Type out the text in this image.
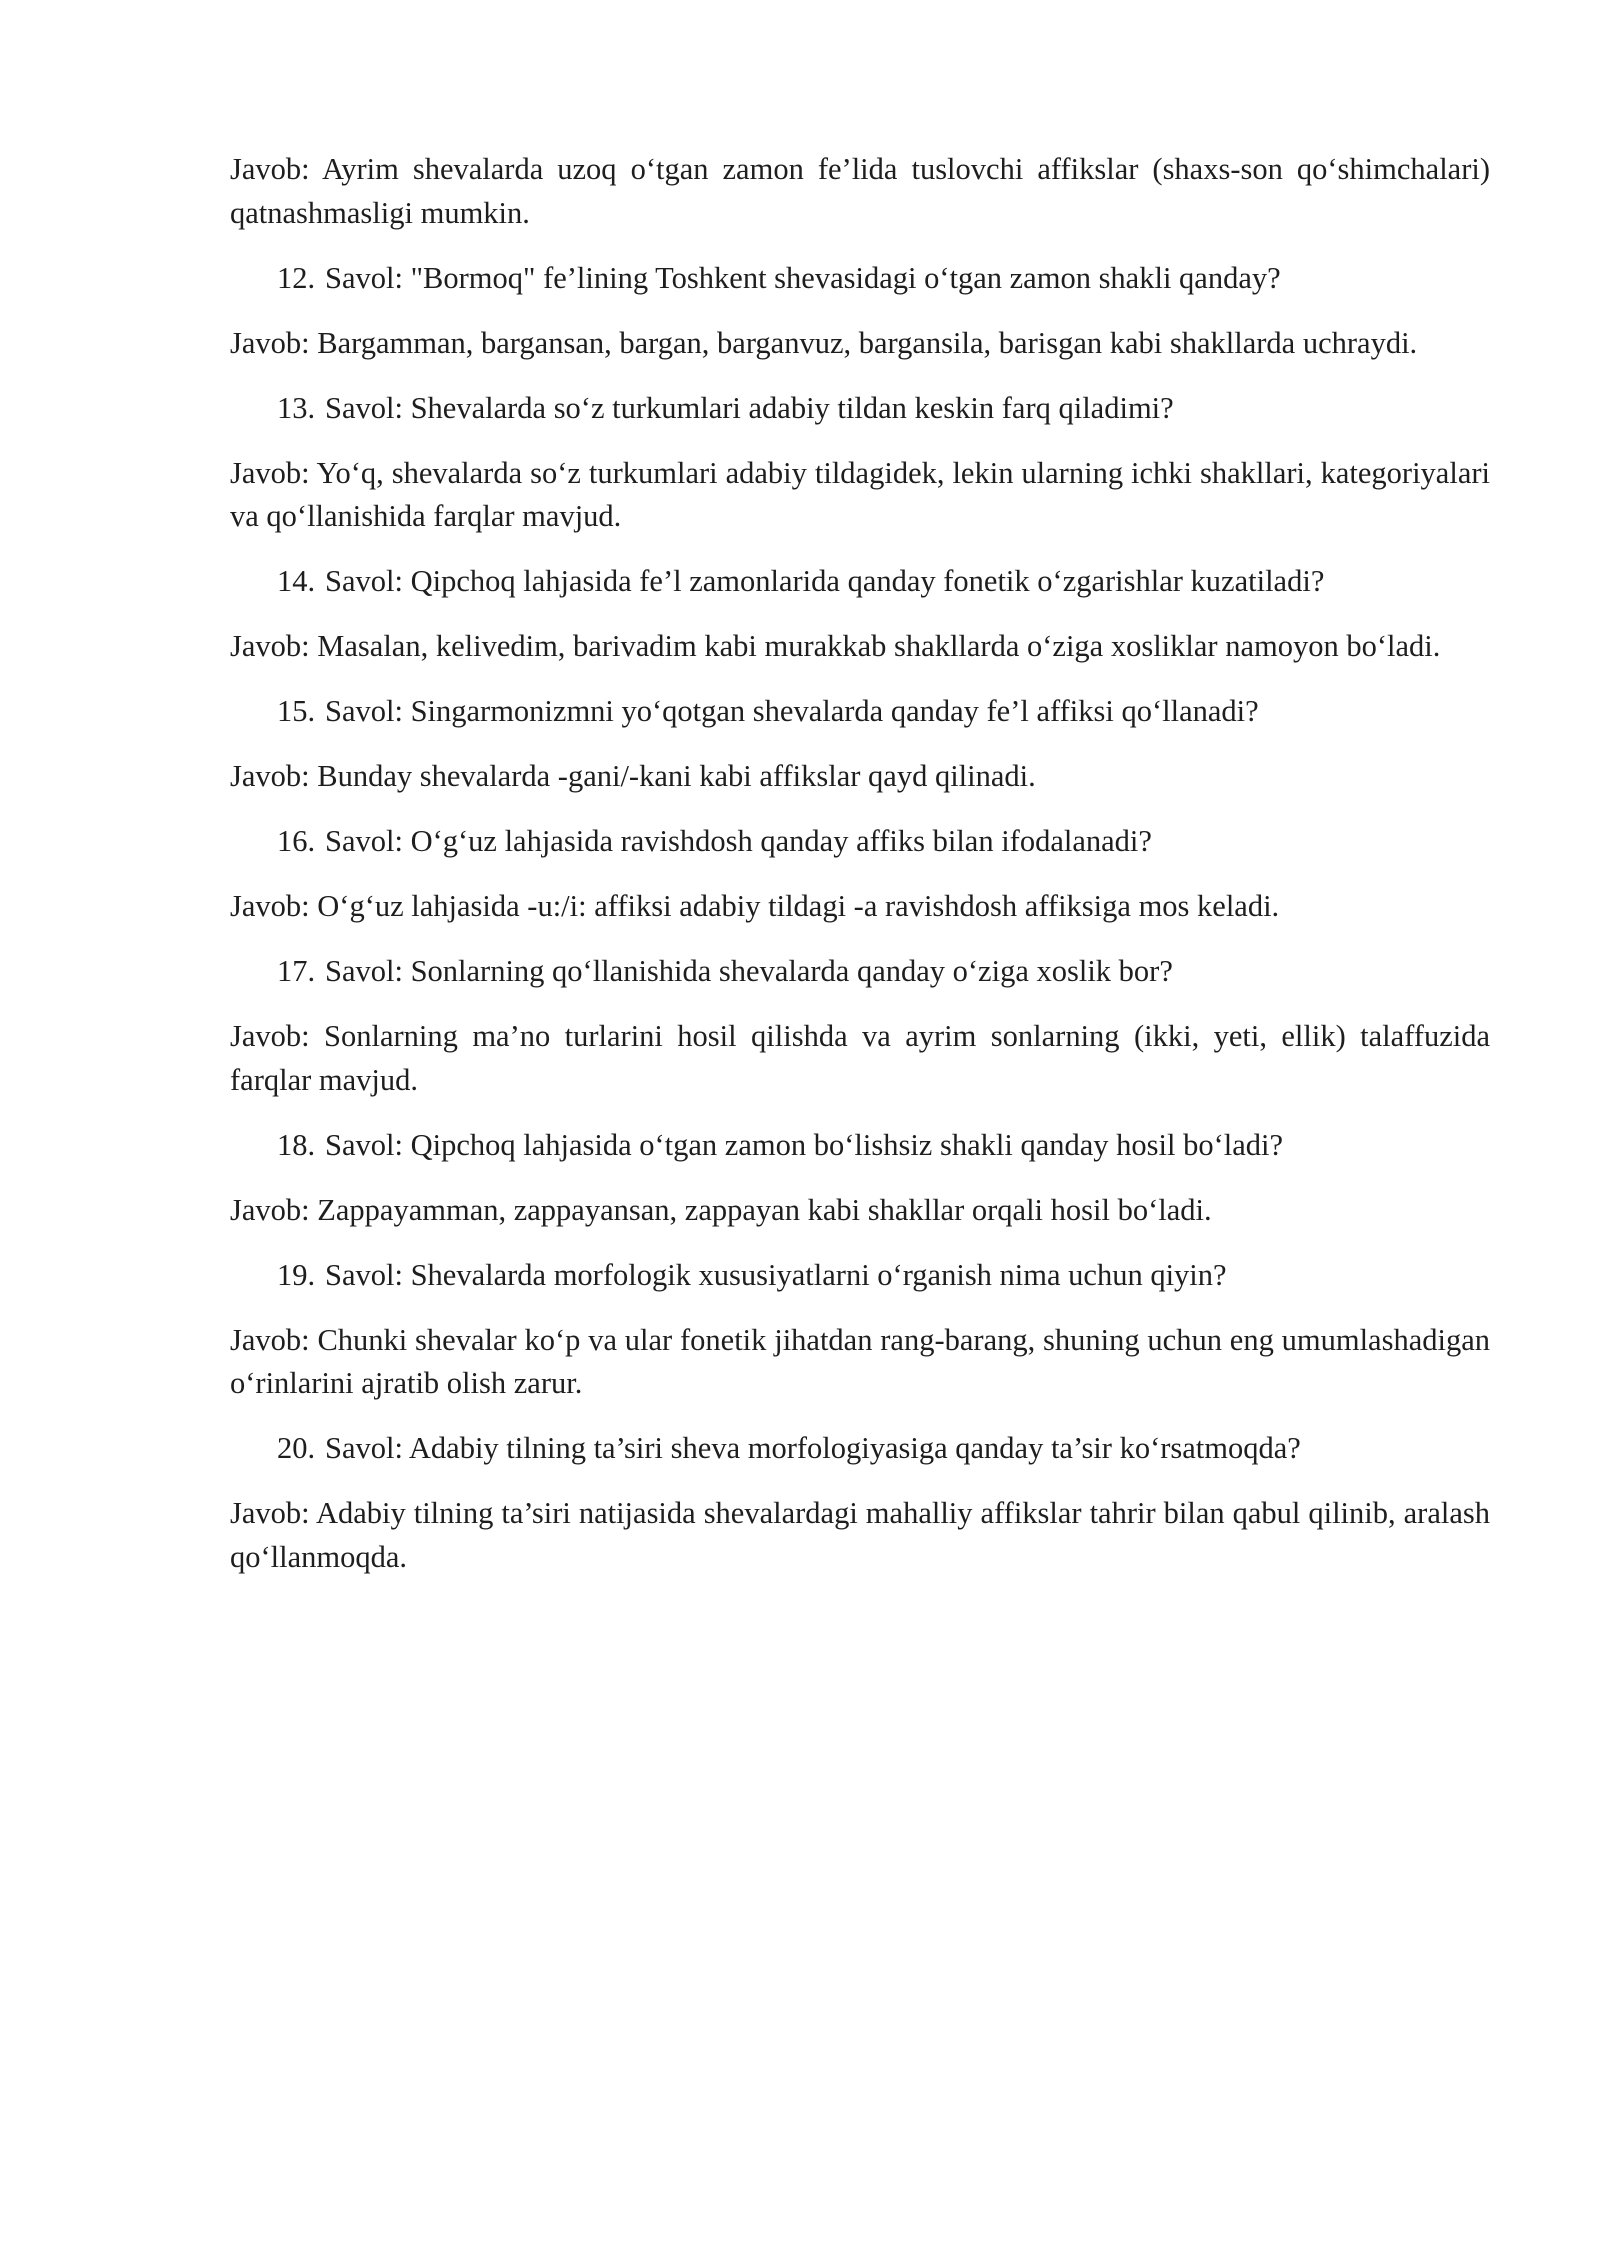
Javob: Ayrim shevalarda uzoq o‘tgan zamon fe’lida tuslovchi affikslar (shaxs-son qo‘shimchalari) qatnashmasligi mumkin.

12. Savol: "Bormoq" fe’lining Toshkent shevasidagi o‘tgan zamon shakli qanday?

Javob: Bargamman, bargansan, bargan, barganvuz, bargansila, barisgan kabi shakllarda uchraydi.

13. Savol: Shevalarda so‘z turkumlari adabiy tildan keskin farq qiladimi?

Javob: Yo‘q, shevalarda so‘z turkumlari adabiy tildagidek, lekin ularning ichki shakllari, kategoriyalari va qo‘llanishida farqlar mavjud.

14. Savol: Qipchoq lahjasida fe’l zamonlarida qanday fonetik o‘zgarishlar kuzatiladi?

Javob: Masalan, kelivedim, barivadim kabi murakkab shakllarda o‘ziga xosliklar namoyon bo‘ladi.

15. Savol: Singarmonizmni yo‘qotgan shevalarda qanday fe’l affiksi qo‘llanadi?

Javob: Bunday shevalarda -gani/-kani kabi affikslar qayd qilinadi.

16. Savol: O‘g‘uz lahjasida ravishdosh qanday affiks bilan ifodalanadi?

Javob: O‘g‘uz lahjasida -u:/i: affiksi adabiy tildagi -a ravishdosh affiksiga mos keladi.

17. Savol: Sonlarning qo‘llanishida shevalarda qanday o‘ziga xoslik bor?

Javob: Sonlarning ma’no turlarini hosil qilishda va ayrim sonlarning (ikki, yeti, ellik) talaffuzida farqlar mavjud.

18. Savol: Qipchoq lahjasida o‘tgan zamon bo‘lishsiz shakli qanday hosil bo‘ladi?

Javob: Zappayamman, zappayansan, zappayan kabi shakllar orqali hosil bo‘ladi.

19. Savol: Shevalarda morfologik xususiyatlarni o‘rganish nima uchun qiyin?

Javob: Chunki shevalar ko‘p va ular fonetik jihatdan rang-barang, shuning uchun eng umumlashadigan o‘rinlarini ajratib olish zarur.

20. Savol: Adabiy tilning ta’siri sheva morfologiyasiga qanday ta’sir ko‘rsatmoqda?

Javob: Adabiy tilning ta’siri natijasida shevalardagi mahalliy affikslar tahrir bilan qabul qilinib, aralash qo‘llanmoqda.
